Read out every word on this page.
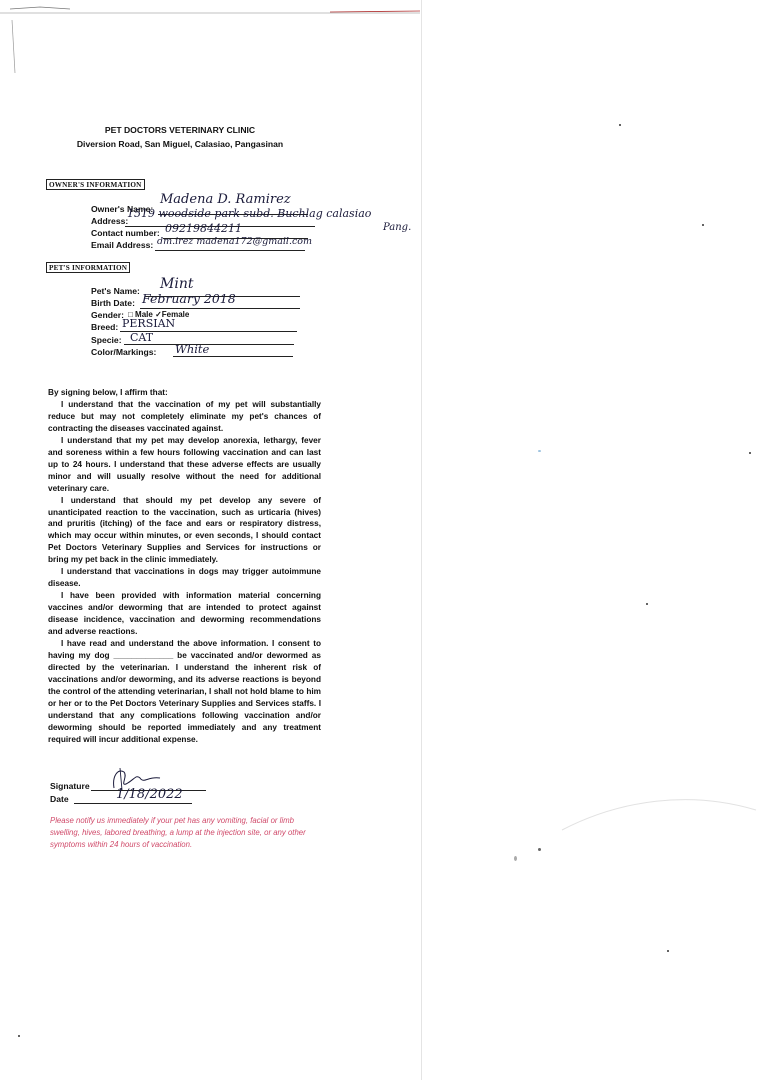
PET DOCTORS VETERINARY CLINIC
Diversion Road, San Miguel, Calasiao, Pangasinan
OWNER'S INFORMATION
Owner's Name:
Madena D. Ramirez
Address:
1519 woodside park subd. Buchlag calasiao
Pang.
Contact number: 09219844211
Email Address: dm.irez madena172@gmail.com
PET'S INFORMATION
Pet's Name: Mint
Birth Date: February 2018
Gender: □ Male ✓Female
Breed: PERSIAN
Specie: CAT
Color/Markings: White

By signing below, I affirm that:

I understand that the vaccination of my pet will substantially reduce but may not completely eliminate my pet's chances of contracting the diseases vaccinated against.

I understand that my pet may develop anorexia, lethargy, fever and soreness within a few hours following vaccination and can last up to 24 hours. I understand that these adverse effects are usually minor and will usually resolve without the need for additional veterinary care.

I understand that should my pet develop any severe of unanticipated reaction to the vaccination, such as urticaria (hives) and pruritis (itching) of the face and ears or respiratory distress, which may occur within minutes, or even seconds, I should contact Pet Doctors Veterinary Supplies and Services for instructions or bring my pet back in the clinic immediately.

I understand that vaccinations in dogs may trigger autoimmune disease.

I have been provided with information material concerning vaccines and/or deworming that are intended to protect against disease incidence, vaccination and deworming recommendations and adverse reactions.

I have read and understand the above information. I consent to having my dog _____________ be vaccinated and/or dewormed as directed by the veterinarian. I understand the inherent risk of vaccinations and/or deworming, and its adverse reactions is beyond the control of the attending veterinarian, I shall not hold blame to him or her or to the Pet Doctors Veterinary Supplies and Services staffs. I understand that any complications following vaccination and/or deworming should be reported immediately and any treatment required will incur additional expense.

Signature
Date	1/18/2022
Please notify us immediately if your pet has any vomiting, facial or limb swelling, hives, labored breathing, a lump at the injection site, or any other symptoms within 24 hours of vaccination.
